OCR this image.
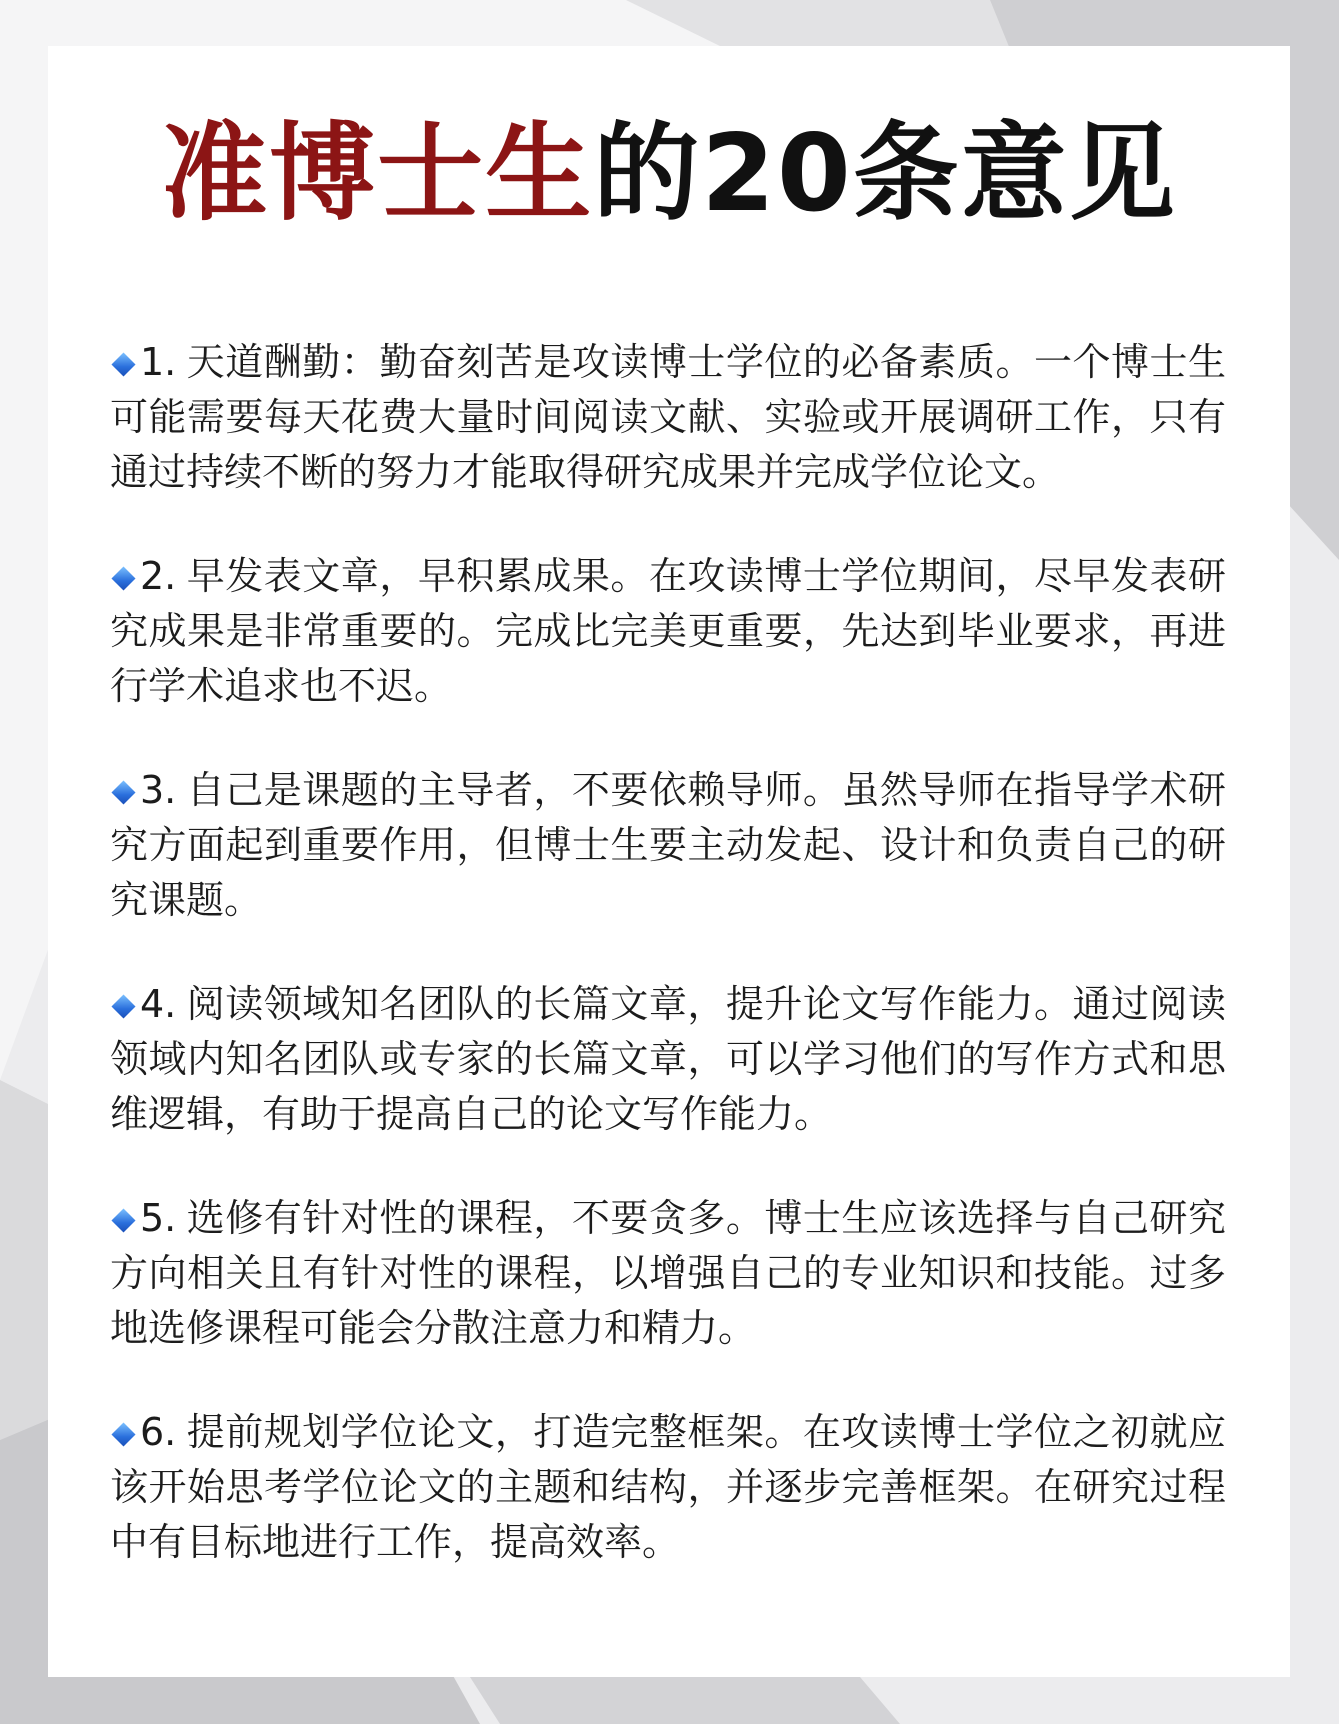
准博士生的20条意见
1. 天道酬勤：勤奋刻苦是攻读博士学位的必备素质。一个博士生
可能需要每天花费大量时间阅读文献、实验或开展调研工作，只有
通过持续不断的努力才能取得研究成果并完成学位论文。
2. 早发表文章，早积累成果。在攻读博士学位期间，尽早发表研
究成果是非常重要的。完成比完美更重要，先达到毕业要求，再进
行学术追求也不迟。
3. 自己是课题的主导者，不要依赖导师。虽然导师在指导学术研
究方面起到重要作用，但博士生要主动发起、设计和负责自己的研
究课题。
4. 阅读领域知名团队的长篇文章，提升论文写作能力。通过阅读
领域内知名团队或专家的长篇文章，可以学习他们的写作方式和思
维逻辑，有助于提高自己的论文写作能力。
5. 选修有针对性的课程，不要贪多。博士生应该选择与自己研究
方向相关且有针对性的课程，以增强自己的专业知识和技能。过多
地选修课程可能会分散注意力和精力。
6. 提前规划学位论文，打造完整框架。在攻读博士学位之初就应
该开始思考学位论文的主题和结构，并逐步完善框架。在研究过程
中有目标地进行工作，提高效率。
